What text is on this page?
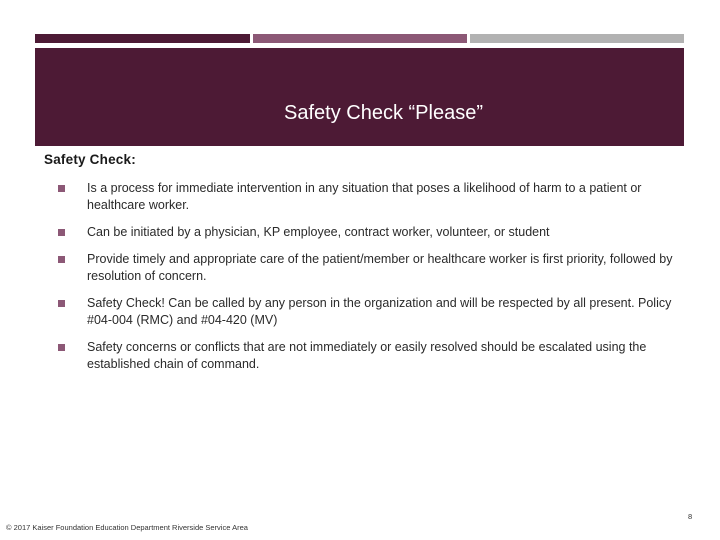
Safety Check “Please”
Safety Check:
Is a process for immediate intervention in any situation that poses a likelihood of harm to a patient or healthcare worker.
Can be initiated by a physician, KP employee, contract worker, volunteer, or student
Provide timely and appropriate care of the patient/member or healthcare worker is first priority, followed by resolution of concern.
Safety Check! Can be called by any person in the organization and will be respected by all present. Policy #04-004 (RMC) and #04-420 (MV)
Safety concerns or conflicts that are not immediately or easily resolved should be escalated using the established chain of command.
© 2017 Kaiser Foundation Education Department Riverside Service Area
8
